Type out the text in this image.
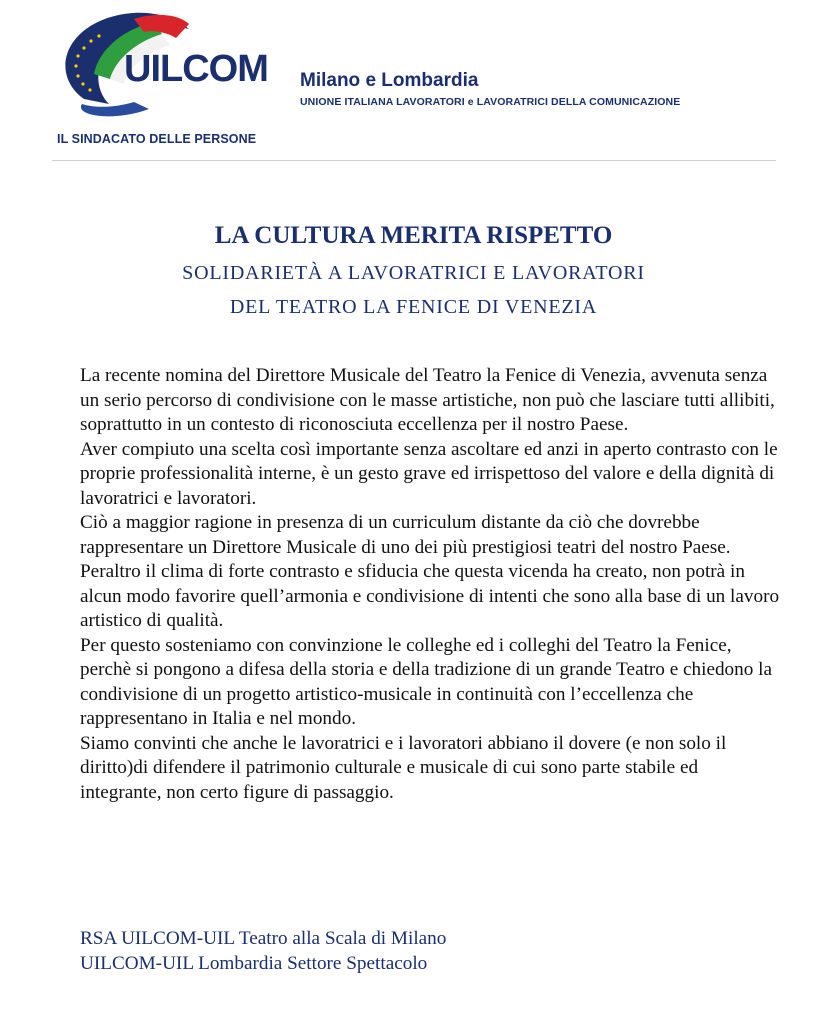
UILCOM
IL SINDACATO DELLE PERSONE
Milano e Lombardia
UNIONE ITALIANA LAVORATORI e LAVORATRICI DELLA COMUNICAZIONE
LA CULTURA MERITA RISPETTO
SOLIDARIETÀ A LAVORATRICI E LAVORATORI
DEL TEATRO LA FENICE DI VENEZIA

La recente nomina del Direttore Musicale del Teatro la Fenice di Venezia, avvenuta senza un serio percorso di condivisione con le masse artistiche, non può che lasciare tutti allibiti, soprattutto in un contesto di riconosciuta eccellenza per il nostro Paese.

Aver compiuto una scelta così importante senza ascoltare ed anzi in aperto contrasto con le proprie professionalità interne, è un gesto grave ed irrispettoso del valore e della dignità di lavoratrici e lavoratori.

Ciò a maggior ragione in presenza di un curriculum distante da ciò che dovrebbe rappresentare un Direttore Musicale di uno dei più prestigiosi teatri del nostro Paese.

Peraltro il clima di forte contrasto e sfiducia che questa vicenda ha creato, non potrà in alcun modo favorire quell’armonia e condivisione di intenti che sono alla base di un lavoro artistico di qualità.

Per questo sosteniamo con convinzione le colleghe ed i colleghi del Teatro la Fenice, perchè si pongono a difesa della storia e della tradizione di un grande Teatro e chiedono la condivisione di un progetto artistico-musicale in continuità con l’eccellenza che rappresentano in Italia e nel mondo.

Siamo convinti che anche le lavoratrici e i lavoratori abbiano il dovere (e non solo il diritto)di difendere il patrimonio culturale e musicale di cui sono parte stabile ed integrante, non certo figure di passaggio.

RSA UILCOM-UIL Teatro alla Scala di Milano
UILCOM-UIL Lombardia Settore Spettacolo
